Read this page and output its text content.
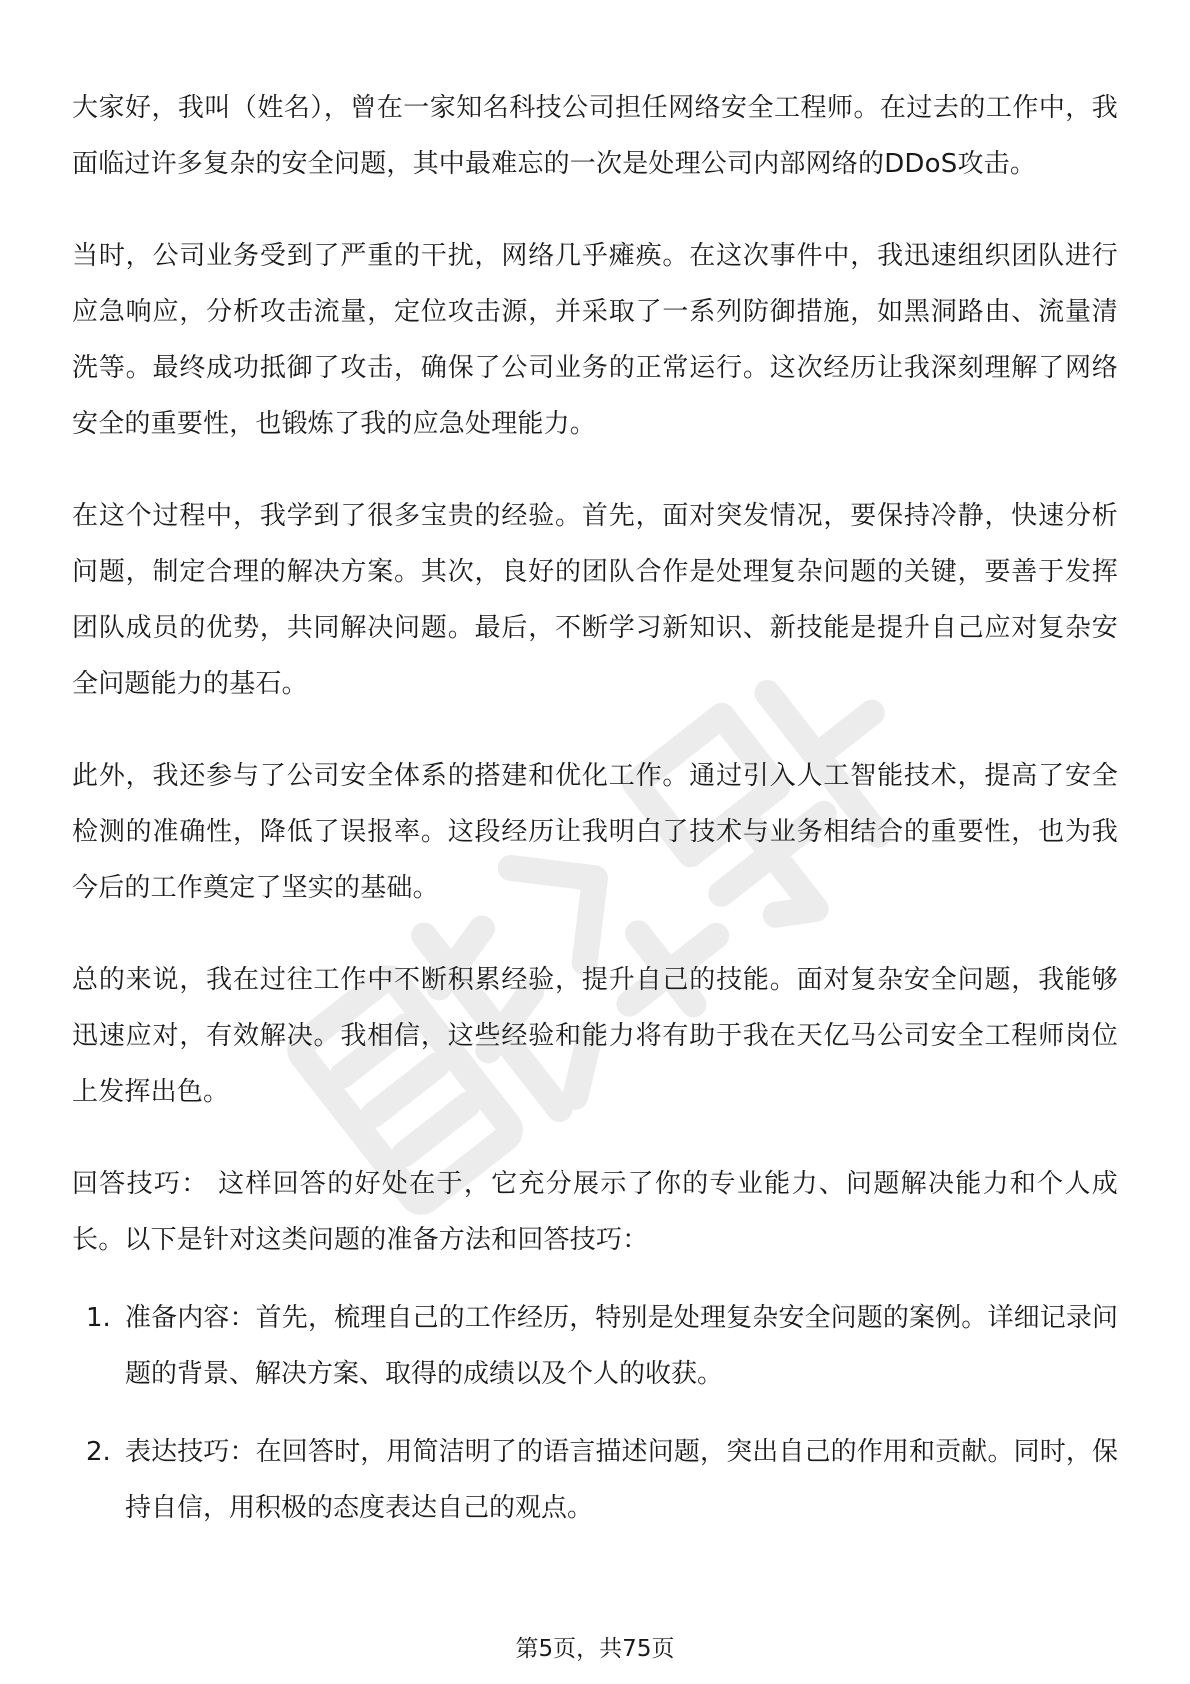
大家好，我叫（姓名），曾在一家知名科技公司担任网络安全工程师。在过去的工作中，我面临过许多复杂的安全问题，其中最难忘的一次是处理公司内部网络的DDoS攻击。

当时，公司业务受到了严重的干扰，网络几乎瘫痪。在这次事件中，我迅速组织团队进行应急响应，分析攻击流量，定位攻击源，并采取了一系列防御措施，如黑洞路由、流量清洗等。最终成功抵御了攻击，确保了公司业务的正常运行。这次经历让我深刻理解了网络安全的重要性，也锻炼了我的应急处理能力。

在这个过程中，我学到了很多宝贵的经验。首先，面对突发情况，要保持冷静，快速分析问题，制定合理的解决方案。其次，良好的团队合作是处理复杂问题的关键，要善于发挥团队成员的优势，共同解决问题。最后，不断学习新知识、新技能是提升自己应对复杂安全问题能力的基石。

此外，我还参与了公司安全体系的搭建和优化工作。通过引入人工智能技术，提高了安全检测的准确性，降低了误报率。这段经历让我明白了技术与业务相结合的重要性，也为我今后的工作奠定了坚实的基础。

总的来说，我在过往工作中不断积累经验，提升自己的技能。面对复杂安全问题，我能够迅速应对，有效解决。我相信，这些经验和能力将有助于我在天亿马公司安全工程师岗位上发挥出色。

回答技巧： 这样回答的好处在于，它充分展示了你的专业能力、问题解决能力和个人成长。以下是针对这类问题的准备方法和回答技巧：

1. 准备内容：首先，梳理自己的工作经历，特别是处理复杂安全问题的案例。详细记录问题的背景、解决方案、取得的成绩以及个人的收获。
2. 表达技巧：在回答时，用简洁明了的语言描述问题，突出自己的作用和贡献。同时，保持自信，用积极的态度表达自己的观点。
第5页，共75页
